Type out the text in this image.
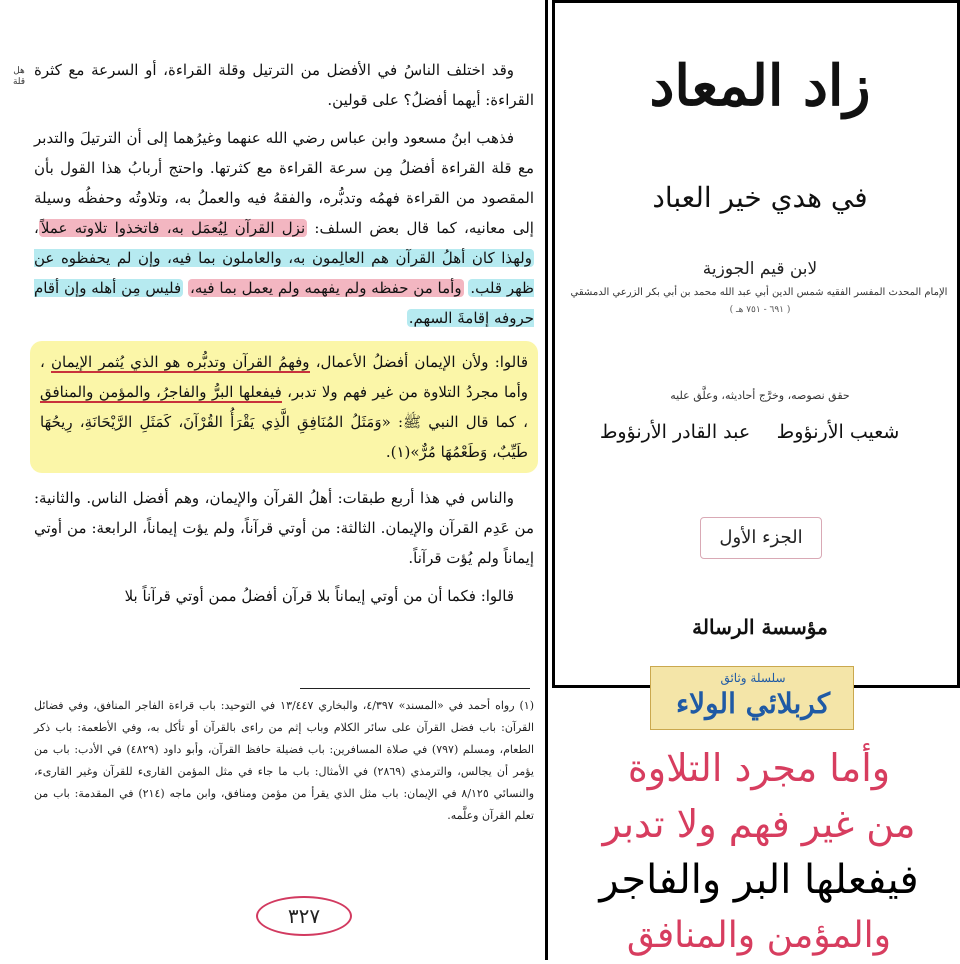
هل قلة

وقد اختلف الناسُ في الأفضل من الترتيل وقلة القراءة، أو السرعة مع كثرة القراءة: أيهما أفضلُ؟ على قولين.

فذهب ابنُ مسعود وابن عباس رضي الله عنهما وغيرُهما إلى أن الترتيلَ والتدبر مع قلة القراءة أفضلُ مِن سرعة القراءة مع كثرتها. واحتج أربابُ هذا القول بأن المقصود من القراءة فهمُه وتدبُّره، والفقهُ فيه والعملُ به، وتلاوتُه وحفظُه وسيلة إلى معانيه، كما قال بعض السلف: نزل القرآن لِيُعمَل به، فاتخذوا تلاوته عملاً، ولهذا كان أهلُ القرآن هم العالِمون به، والعاملون بما فيه، وإن لم يحفظوه عن ظهر قلب. وأما من حفظه ولم يفهمه ولم يعمل بما فيه، فليس مِن أهله وإن أقام حروفه إقامةَ السهم.

قالوا: ولأن الإيمان أفضلُ الأعمال، وفهمُ القرآن وتدبُّره هو الذي يُثمر الإيمان ، وأما مجردُ التلاوة من غير فهم ولا تدبر، فيفعلها البرُّ والفاجرُ، والمؤمن والمنافق ، كما قال النبي ﷺ: «وَمَثَلُ المُنَافِقِ الَّذِي يَقْرَأُ القُرْآنَ، كَمَثَلِ الرَّيْحَانَةِ، رِيحُهَا طَيِّبٌ، وَطَعْمُهَا مُرٌّ»(١).

والناس في هذا أربع طبقات: أهلُ القرآن والإيمان، وهم أفضل الناس. والثانية: من عَدِم القرآن والإيمان. الثالثة: من أوتي قرآناً، ولم يؤت إيماناً، الرابعة: من أوتي إيماناً ولم يُؤت قرآناً.

قالوا: فكما أن من أوتي إيماناً بلا قرآن أفضلُ ممن أوتي قرآناً بلا

(١) رواه أحمد في «المسند» ٤/٣٩٧، والبخاري ١٣/٤٤٧ في التوحيد: باب قراءة الفاجر المنافق، وفي فضائل القرآن: باب فضل القرآن على سائر الكلام وباب إثم من راءى بالقرآن أو تأكل به، وفي الأطعمة: باب ذكر الطعام، ومسلم (٧٩٧) في صلاة المسافرين: باب فضيلة حافظ القرآن، وأبو داود (٤٨٢٩) في الأدب: باب من يؤمر أن يجالس، والترمذي (٢٨٦٩) في الأمثال: باب ما جاء في مثل المؤمن القارىء للقرآن وغير القارىء، والنسائي ٨/١٢٥ في الإيمان: باب مثل الذي يقرأ من مؤمن ومنافق، وابن ماجه (٢١٤) في المقدمة: باب من تعلم القرآن وعلَّمه.
٣٢٧
زاد المعاد
في هدي خير العباد
لابن قيم الجوزية
الإمام المحدث المفسر الفقيه شمس الدين أبي عبد الله محمد بن أبي بكر الزرعي الدمشقي
( ٦٩١ - ٧٥١ هـ )
حقق نصوصه، وخرَّج أحاديثه، وعلَّق عليه
شعيب الأرنؤوط
عبد القادر الأرنؤوط
الجزء الأول
مؤسسة الرسالة
سلسلة وثائق
كربلائي الولاء
وأما مجرد التلاوة
من غير فهم ولا تدبر
فيفعلها البر والفاجر
والمؤمن والمنافق
